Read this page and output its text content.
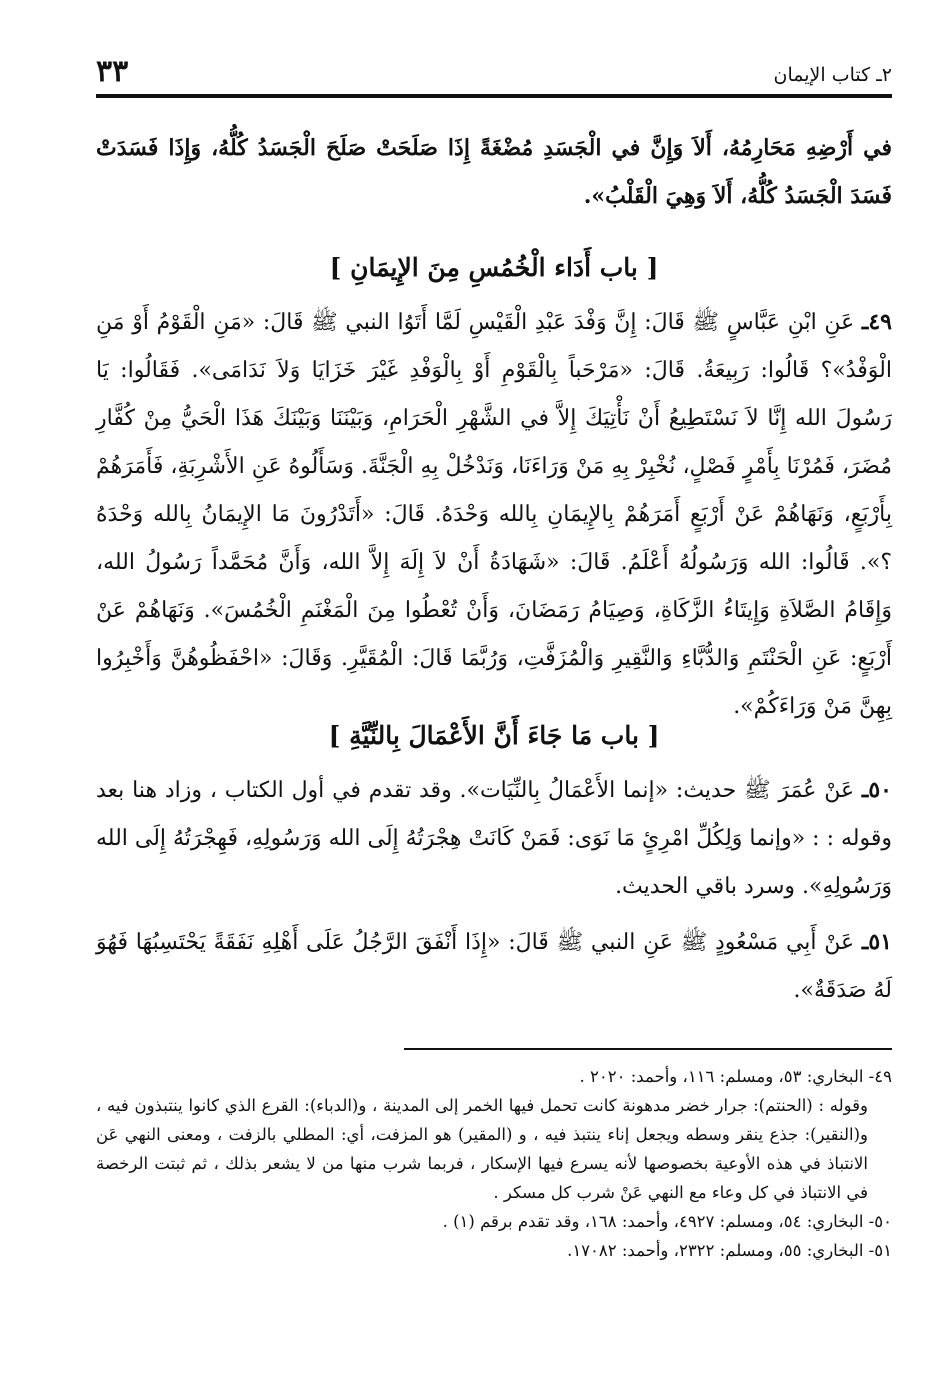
٢ـ كتاب الإيمان
٣٣

في أَرْضِهِ مَحَارِمُهُ، أَلاَ وَإِنَّ في الْجَسَدِ مُضْغَةً إِذَا صَلَحَتْ صَلَحَ الْجَسَدُ كُلُّهُ، وَإِذَا فَسَدَتْ فَسَدَ الْجَسَدُ كُلُّهُ، أَلاَ وَهِيَ الْقَلْبُ».

[ باب أَدَاء الْخُمُسِ مِنَ الإِيمَانِ ]

٤٩ـ عَنِ ابْنِ عَبَّاسٍ ﷺ قَالَ: إِنَّ وَفْدَ عَبْدِ الْقَيْسِ لَمَّا أَتَوُا النبي ﷺ قَالَ: «مَنِ الْقَوْمُ أَوْ مَنِ الْوَفْدُ»؟ قَالُوا: رَبِيعَةُ. قَالَ: «مَرْحَباً بِالْقَوْمِ أَوْ بِالْوَفْدِ غَيْرَ خَزَايَا وَلاَ نَدَامَى». فَقَالُوا: يَا رَسُولَ الله إِنَّا لاَ نَسْتَطِيعُ أَنْ نَأْتِيَكَ إِلاَّ في الشَّهْرِ الْحَرَامِ، وَبَيْنَنَا وَبَيْنَكَ هَذَا الْحَيُّ مِنْ كُفَّارِ مُضَرَ، فَمُرْنَا بِأَمْرٍ فَصْلٍ، نُخْبِرْ بِهِ مَنْ وَرَاءَنَا، وَنَدْخُلْ بِهِ الْجَنَّةَ. وَسَأَلُوهُ عَنِ الأَشْرِبَةِ، فَأَمَرَهُمْ بِأَرْبَعٍ، وَنَهَاهُمْ عَنْ أَرْبَعٍ أَمَرَهُمْ بِالإِيمَانِ بِالله وَحْدَهُ. قَالَ: «أَتَدْرُونَ مَا الإِيمَانُ بِالله وَحْدَهُ ؟». قَالُوا: الله وَرَسُولُهُ أَعْلَمُ. قَالَ: «شَهَادَةُ أَنْ لاَ إِلَهَ إِلاَّ الله، وَأَنَّ مُحَمَّداً رَسُولُ الله، وَإِقَامُ الصَّلاَةِ وَإِيتَاءُ الزَّكَاةِ، وَصِيَامُ رَمَضَانَ، وَأَنْ تُعْطُوا مِنَ الْمَغْنَمِ الْخُمُسَ». وَنَهَاهُمْ عَنْ أَرْبَعٍ: عَنِ الْحَنْتَمِ وَالدُّبَّاءِ وَالنَّقِيرِ وَالْمُزَفَّتِ، وَرُبَّمَا قَالَ: الْمُقَيَّرِ. وَقَالَ: «احْفَظُوهُنَّ وَأَخْبِرُوا بِهِنَّ مَنْ وَرَاءَكُمْ».

[ باب مَا جَاءَ أَنَّ الأَعْمَالَ بِالنِّيَّةِ ]

٥٠ـ عَنْ عُمَرَ ﷺ حديث: «إنما الأَعْمَالُ بِالنِّيَات». وقد تقدم في أول الكتاب ، وزاد هنا بعد وقوله : : «وإنما وَلِكُلِّ امْرِئٍ مَا نَوَى: فَمَنْ كَانَتْ هِجْرَتُهُ إِلَى الله وَرَسُولِهِ، فَهِجْرَتُهُ إِلَى الله وَرَسُولِهِ». وسرد باقي الحديث.

٥١ـ عَنْ أَبِي مَسْعُودٍ ﷺ عَنِ النبي ﷺ قَالَ: «إِذَا أَنْفَقَ الرَّجُلُ عَلَى أَهْلِهِ نَفَقَةً يَحْتَسِبُهَا فَهُوَ لَهُ صَدَقَةٌ».

٤٩- البخاري: ٥٣، ومسلم: ١١٦، وأحمد: ٢٠٢٠ .

وقوله : (الحنتم): جرار خضر مدهونة كانت تحمل فيها الخمر إلى المدينة ، و(الدباء): القرع الذي كانوا ينتبذون فيه ، و(النقير): جذع ينقر وسطه ويجعل إناء ينتبذ فيه ، و (المقير) هو المزفت، أي: المطلي بالزفت ، ومعنى النهي عَن الانتباذ في هذه الأوعية بخصوصها لأنه يسرع فيها الإسكار ، فربما شرب منها من لا يشعر بذلك ، ثم ثبتت الرخصة في الانتباذ في كل وعاء مع النهي عَنْ شرب كل مسكر .

٥٠- البخاري: ٥٤، ومسلم: ٤٩٢٧، وأحمد: ١٦٨، وقد تقدم برقم (١) .

٥١- البخاري: ٥٥، ومسلم: ٢٣٢٢، وأحمد: ١٧٠٨٢.
